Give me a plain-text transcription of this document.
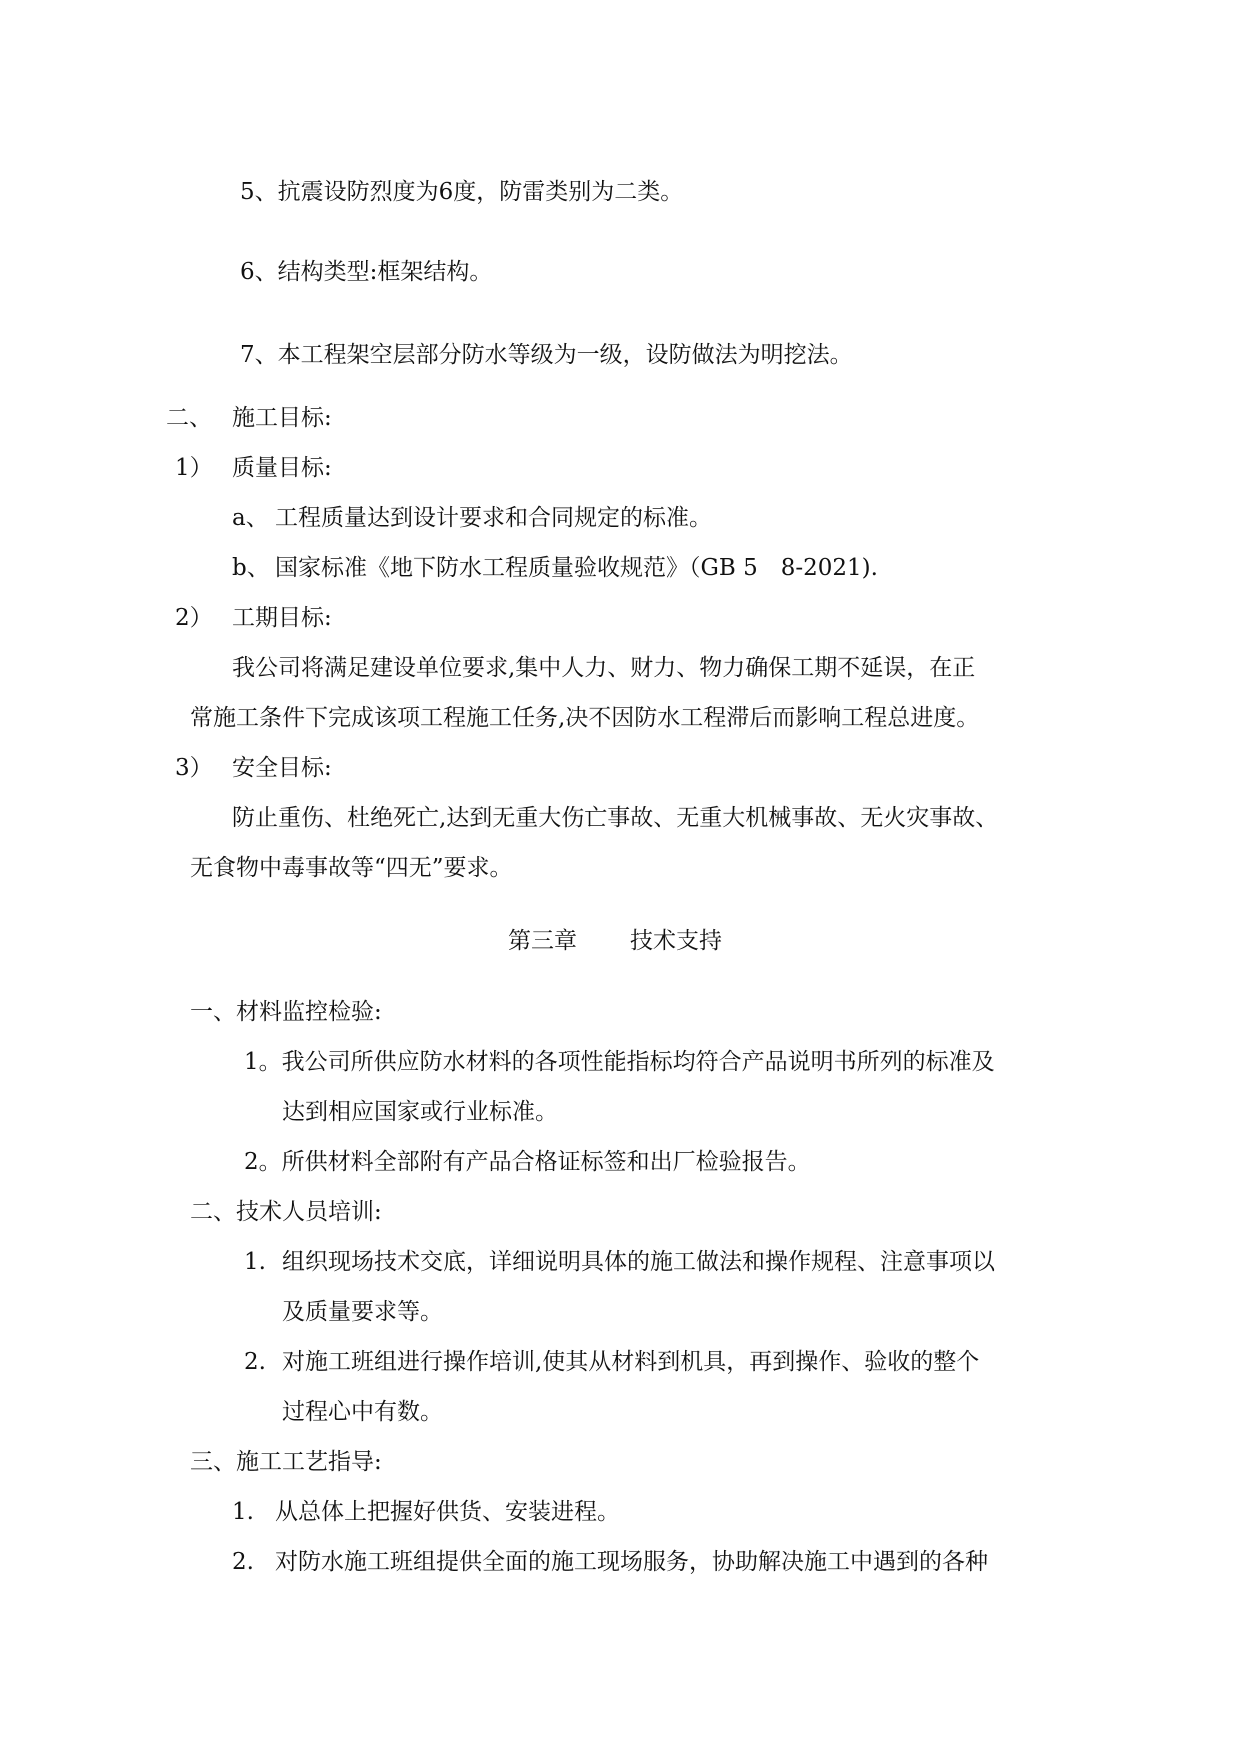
5、抗震设防烈度为6度，防雷类别为二类。
6、结构类型:框架结构。
7、本工程架空层部分防水等级为一级，设防做法为明挖法。
二、 施工目标:
1） 质量目标:
a、 工程质量达到设计要求和合同规定的标准。
b、 国家标准《地下防水工程质量验收规范》（GB 5　8-2021).
2） 工期目标:
我公司将满足建设单位要求,集中人力、财力、物力确保工期不延误，在正
常施工条件下完成该项工程施工任务,决不因防水工程滞后而影响工程总进度。
3） 安全目标:
防止重伤、杜绝死亡,达到无重大伤亡事故、无重大机械事故、无火灾事故、
无食物中毒事故等“四无”要求。
第三章 技术支持
一、材料监控检验:
1。我公司所供应防水材料的各项性能指标均符合产品说明书所列的标准及
达到相应国家或行业标准。
2。所供材料全部附有产品合格证标签和出厂检验报告。
二、技术人员培训:
1. 组织现场技术交底，详细说明具体的施工做法和操作规程、注意事项以
及质量要求等。
2. 对施工班组进行操作培训,使其从材料到机具，再到操作、验收的整个
过程心中有数。
三、施工工艺指导:
1. 从总体上把握好供货、安装进程。
2. 对防水施工班组提供全面的施工现场服务，协助解决施工中遇到的各种
